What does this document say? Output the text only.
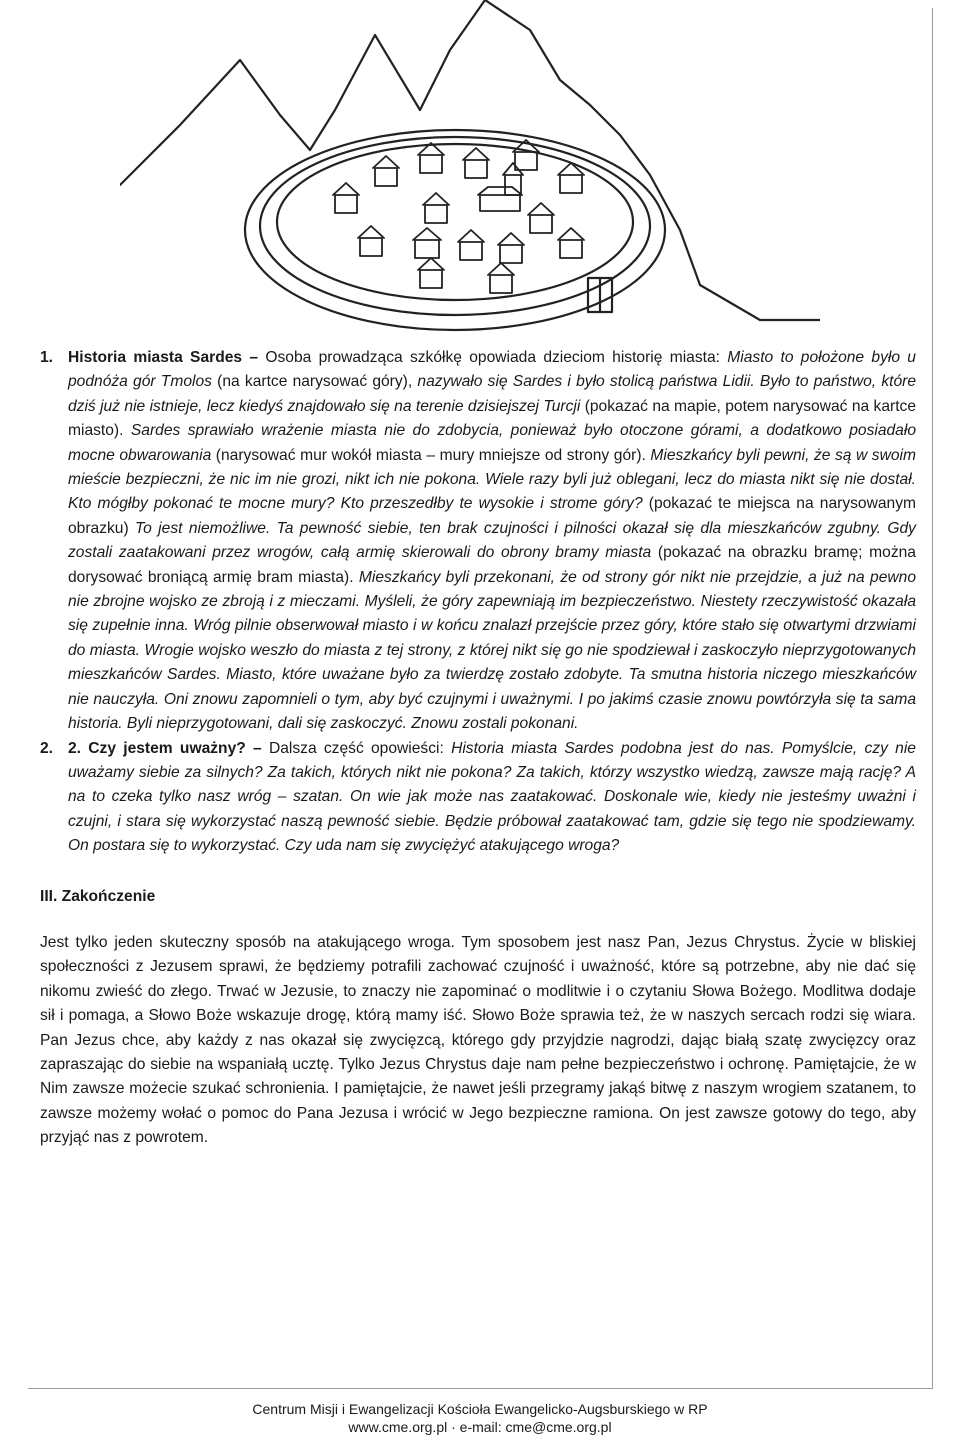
1. Historia miasta Sardes – Osoba prowadząca szkółkę opowiada dzieciom historię miasta: Miasto to położone było u podnóża gór Tmolos (na kartce narysować góry), nazywało się Sardes i było stolicą państwa Lidii. Było to państwo, które dziś już nie istnieje, lecz kiedyś znajdowało się na terenie dzisiejszej Turcji (pokazać na mapie, potem narysować na kartce miasto). Sardes sprawiało wrażenie miasta nie do zdobycia, ponieważ było otoczone górami, a dodatkowo posiadało mocne obwarowania (narysować mur wokół miasta – mury mniejsze od strony gór). Mieszkańcy byli pewni, że są w swoim mieście bezpieczni, że nic im nie grozi, nikt ich nie pokona. Wiele razy byli już oblegani, lecz do miasta nikt się nie dostał. Kto mógłby pokonać te mocne mury? Kto przeszedłby te wysokie i strome góry? (pokazać te miejsca na narysowanym obrazku) To jest niemożliwe. Ta pewność siebie, ten brak czujności i pilności okazał się dla mieszkańców zgubny. Gdy zostali zaatakowani przez wrogów, całą armię skierowali do obrony bramy miasta (pokazać na obrazku bramę; można dorysować broniącą armię bram miasta). Mieszkańcy byli przekonani, że od strony gór nikt nie przejdzie, a już na pewno nie zbrojne wojsko ze zbroją i z mieczami. Myśleli, że góry zapewniają im bezpieczeństwo. Niestety rzeczywistość okazała się zupełnie inna. Wróg pilnie obserwował miasto i w końcu znalazł przejście przez góry, które stało się otwartymi drzwiami do miasta. Wrogie wojsko weszło do miasta z tej strony, z której nikt się go nie spodziewał i zaskoczyło nieprzygotowanych mieszkańców Sardes. Miasto, które uważane było za twierdzę zostało zdobyte. Ta smutna historia niczego mieszkańców nie nauczyła. Oni znowu zapomnieli o tym, aby być czujnymi i uważnymi. I po jakimś czasie znowu powtórzyła się ta sama historia. Byli nieprzygotowani, dali się zaskoczyć. Znowu zostali pokonani.
2. 2. Czy jestem uważny? – Dalsza część opowieści: Historia miasta Sardes podobna jest do nas. Pomyślcie, czy nie uważamy siebie za silnych? Za takich, których nikt nie pokona? Za takich, którzy wszystko wiedzą, zawsze mają rację? A na to czeka tylko nasz wróg – szatan. On wie jak może nas zaatakować. Doskonale wie, kiedy nie jesteśmy uważni i czujni, i stara się wykorzystać naszą pewność siebie. Będzie próbował zaatakować tam, gdzie się tego nie spodziewamy. On postara się to wykorzystać. Czy uda nam się zwyciężyć atakującego wroga?
III. Zakończenie
Jest tylko jeden skuteczny sposób na atakującego wroga. Tym sposobem jest nasz Pan, Jezus Chrystus. Życie w bliskiej społeczności z Jezusem sprawi, że będziemy potrafili zachować czujność i uważność, które są potrzebne, aby nie dać się nikomu zwieść do złego. Trwać w Jezusie, to znaczy nie zapominać o modlitwie i o czytaniu Słowa Bożego. Modlitwa dodaje sił i pomaga, a Słowo Boże wskazuje drogę, którą mamy iść. Słowo Boże sprawia też, że w naszych sercach rodzi się wiara. Pan Jezus chce, aby każdy z nas okazał się zwycięzcą, którego gdy przyjdzie nagrodzi, dając białą szatę zwycięzcy oraz zapraszając do siebie na wspaniałą ucztę. Tylko Jezus Chrystus daje nam pełne bezpieczeństwo i ochronę. Pamiętajcie, że w Nim zawsze możecie szukać schronienia. I pamiętajcie, że nawet jeśli przegramy jakąś bitwę z naszym wrogiem szatanem, to zawsze możemy wołać o pomoc do Pana Jezusa i wrócić w Jego bezpieczne ramiona. On jest zawsze gotowy do tego, aby przyjąć nas z powrotem.
Centrum Misji i Ewangelizacji Kościoła Ewangelicko-Augsburskiego w RP
www.cme.org.pl · e-mail: cme@cme.org.pl
